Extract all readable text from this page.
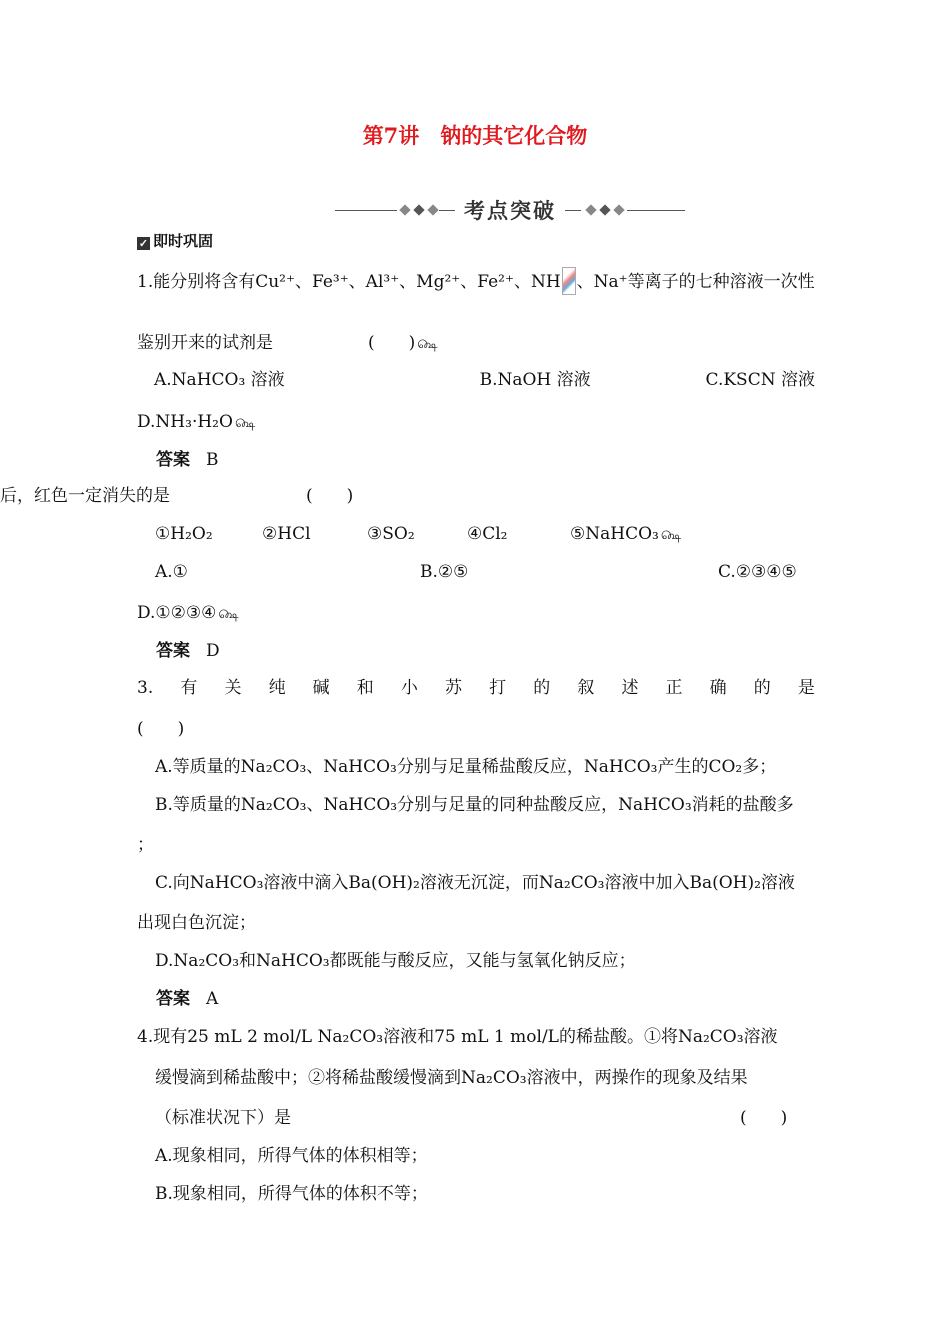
第7讲　钠的其它化合物
考点突破
✓ 即时巩固
1.能分别将含有Cu²⁺、Fe³⁺、Al³⁺、Mg²⁺、Fe²⁺、NH 、Na⁺等离子的七种溶液一次性
鉴别开来的试剂是	(　　) ௸
A.NaHCO₃ 溶液	B.NaOH 溶液	C.KSCN 溶液
D.NH₃·H₂O ௸
答案 B
后，红色一定消失的是	(　　)
①H₂O₂	②HCl	③SO₂	④Cl₂	⑤NaHCO₃ ௸
A.①	B.②⑤	C.②③④⑤
D.①②③④ ௸
答案 D
3. 有 关 纯 碱 和 小 苏 打 的 叙 述 正 确 的 是
(　　)
A.等质量的Na₂CO₃、NaHCO₃分别与足量稀盐酸反应，NaHCO₃产生的CO₂多；
B.等质量的Na₂CO₃、NaHCO₃分别与足量的同种盐酸反应，NaHCO₃消耗的盐酸多
；
C.向NaHCO₃溶液中滴入Ba(OH)₂溶液无沉淀，而Na₂CO₃溶液中加入Ba(OH)₂溶液
出现白色沉淀；
D.Na₂CO₃和NaHCO₃都既能与酸反应，又能与氢氧化钠反应；
答案 A
4.现有25 mL 2 mol/L Na₂CO₃溶液和75 mL 1 mol/L的稀盐酸。①将Na₂CO₃溶液
缓慢滴到稀盐酸中；②将稀盐酸缓慢滴到Na₂CO₃溶液中，两操作的现象及结果
（标准状况下）是	(　　)
A.现象相同，所得气体的体积相等；
B.现象相同，所得气体的体积不等；
